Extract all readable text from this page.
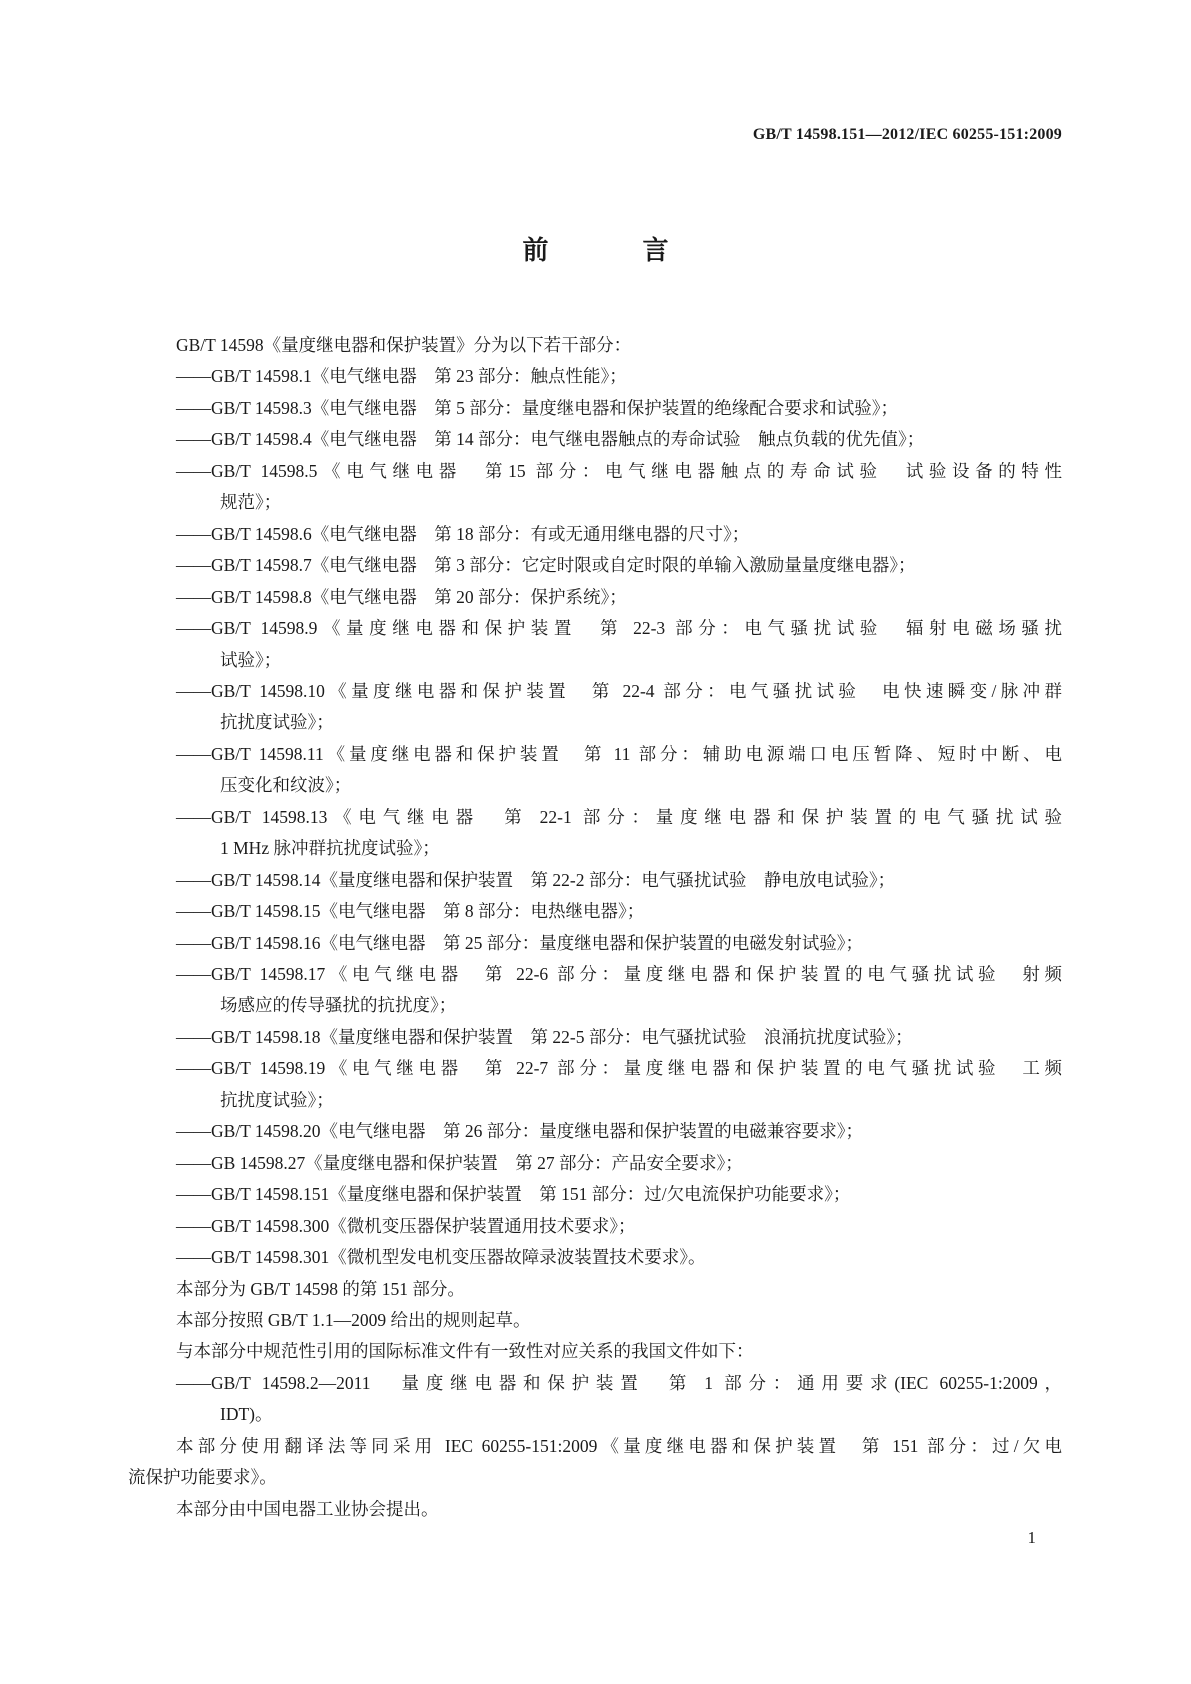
GB/T 14598.151—2012/IEC 60255-151:2009
前　言
GB/T 14598《量度继电器和保护装置》分为以下若干部分：
——GB/T 14598.1《电气继电器　第 23 部分：触点性能》；
——GB/T 14598.3《电气继电器　第 5 部分：量度继电器和保护装置的绝缘配合要求和试验》；
——GB/T 14598.4《电气继电器　第 14 部分：电气继电器触点的寿命试验　触点负载的优先值》；
——GB/T 14598.5《电气继电器　第15 部分：电气继电器触点的寿命试验　试验设备的特性
规范》；
——GB/T 14598.6《电气继电器　第 18 部分：有或无通用继电器的尺寸》；
——GB/T 14598.7《电气继电器　第 3 部分：它定时限或自定时限的单输入激励量量度继电器》；
——GB/T 14598.8《电气继电器　第 20 部分：保护系统》；
——GB/T 14598.9《量度继电器和保护装置　第 22-3 部分：电气骚扰试验　辐射电磁场骚扰
试验》；
——GB/T 14598.10《量度继电器和保护装置　第 22-4 部分：电气骚扰试验　电快速瞬变/脉冲群
抗扰度试验》；
——GB/T 14598.11《量度继电器和保护装置　第 11 部分：辅助电源端口电压暂降、短时中断、电
压变化和纹波》；
——GB/T 14598.13《电气继电器　第 22-1 部分：量度继电器和保护装置的电气骚扰试验
1 MHz 脉冲群抗扰度试验》；
——GB/T 14598.14《量度继电器和保护装置　第 22-2 部分：电气骚扰试验　静电放电试验》；
——GB/T 14598.15《电气继电器　第 8 部分：电热继电器》；
——GB/T 14598.16《电气继电器　第 25 部分：量度继电器和保护装置的电磁发射试验》；
——GB/T 14598.17《电气继电器　第 22-6 部分：量度继电器和保护装置的电气骚扰试验　射频
场感应的传导骚扰的抗扰度》；
——GB/T 14598.18《量度继电器和保护装置　第 22-5 部分：电气骚扰试验　浪涌抗扰度试验》；
——GB/T 14598.19《电气继电器　第 22-7 部分：量度继电器和保护装置的电气骚扰试验　工频
抗扰度试验》；
——GB/T 14598.20《电气继电器　第 26 部分：量度继电器和保护装置的电磁兼容要求》；
——GB 14598.27《量度继电器和保护装置　第 27 部分：产品安全要求》；
——GB/T 14598.151《量度继电器和保护装置　第 151 部分：过/欠电流保护功能要求》；
——GB/T 14598.300《微机变压器保护装置通用技术要求》；
——GB/T 14598.301《微机型发电机变压器故障录波装置技术要求》。
本部分为 GB/T 14598 的第 151 部分。
本部分按照 GB/T 1.1—2009 给出的规则起草。
与本部分中规范性引用的国际标准文件有一致性对应关系的我国文件如下：
——GB/T 14598.2—2011　量度继电器和保护装置　第 1 部分：通用要求(IEC 60255-1:2009，
IDT)。
本部分使用翻译法等同采用 IEC 60255-151:2009《量度继电器和保护装置　第 151 部分：过/欠电
流保护功能要求》。
本部分由中国电器工业协会提出。
1
